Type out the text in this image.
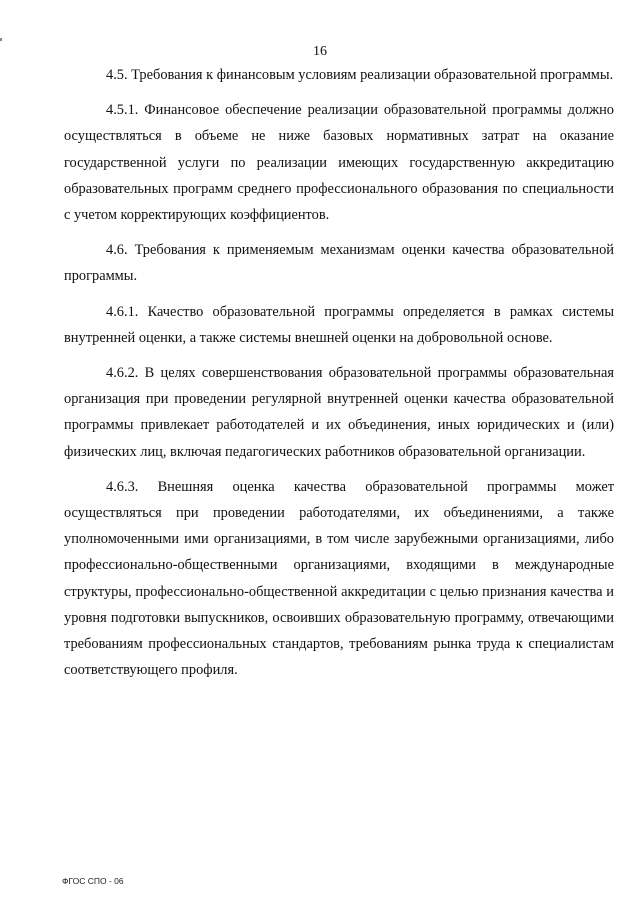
16

4.5. Требования к финансовым условиям реализации образовательной программы.

4.5.1. Финансовое обеспечение реализации образовательной программы должно осуществляться в объеме не ниже базовых нормативных затрат на оказание государственной услуги по реализации имеющих государственную аккредитацию образовательных программ среднего профессионального образования по специальности с учетом корректирующих коэффициентов.

4.6. Требования к применяемым механизмам оценки качества образовательной программы.

4.6.1. Качество образовательной программы определяется в рамках системы внутренней оценки, а также системы внешней оценки на добровольной основе.

4.6.2. В целях совершенствования образовательной программы образовательная организация при проведении регулярной внутренней оценки качества образовательной программы привлекает работодателей и их объединения, иных юридических и (или) физических лиц, включая педагогических работников образовательной организации.

4.6.3. Внешняя оценка качества образовательной программы может осуществляться при проведении работодателями, их объединениями, а также уполномоченными ими организациями, в том числе зарубежными организациями, либо профессионально-общественными организациями, входящими в международные структуры, профессионально-общественной аккредитации с целью признания качества и уровня подготовки выпускников, освоивших образовательную программу, отвечающими требованиям профессиональных стандартов, требованиям рынка труда к специалистам соответствующего профиля.

ФГОС СПО - 06
